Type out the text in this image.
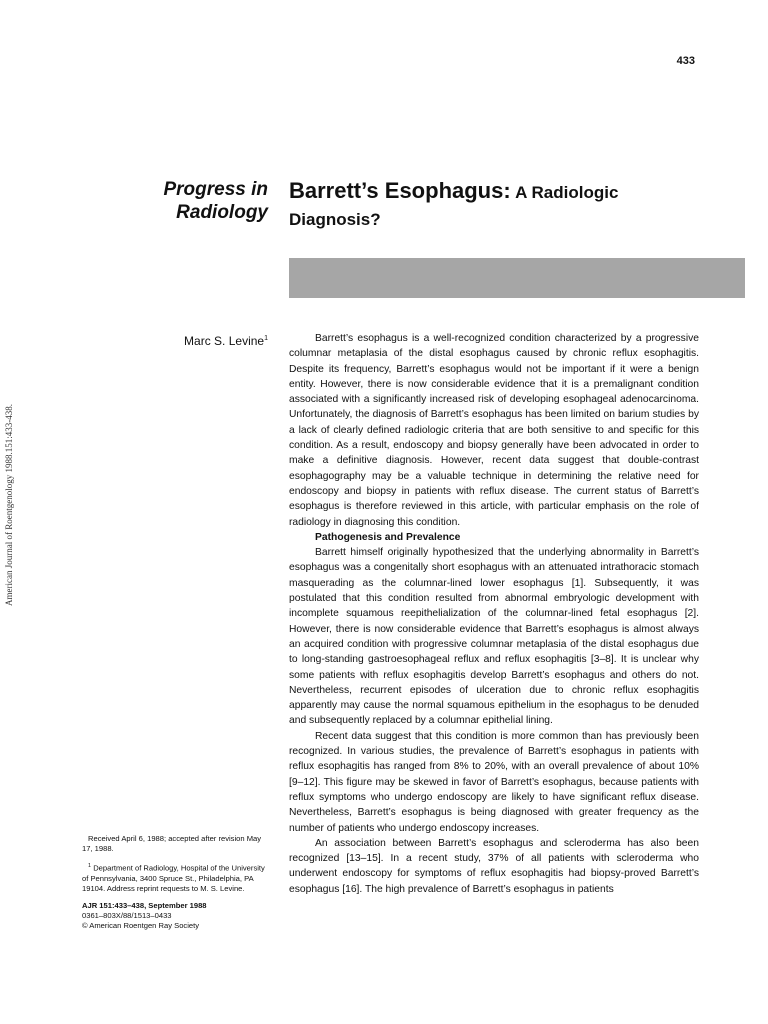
433
American Journal of Roentgenology 1988.151:433-438.
Progress in
Radiology
Barrett’s Esophagus: A Radiologic
Diagnosis?
Marc S. Levine$^1$	Barrett’s esophagus is a well-recognized condition characterized by a progressive columnar metaplasia of the distal esophagus caused by chronic reflux esophagitis. Despite its frequency, Barrett’s esophagus would not be important if it were a benign entity. However, there is now considerable evidence that it is a premalignant condition associated with a significantly increased risk of developing esophageal adenocarcinoma. Unfortunately, the diagnosis of Barrett’s esophagus has been limited on barium studies by a lack of clearly defined radiologic criteria that are both sensitive to and specific for this condition. As a result, endoscopy and biopsy generally have been advocated in order to make a definitive diagnosis. However, recent data suggest that double-contrast esophagography may be a valuable technique in determining the relative need for endoscopy and biopsy in patients with reflux disease. The current status of Barrett’s esophagus is therefore reviewed in this article, with particular emphasis on the role of radiology in diagnosing this condition.

Pathogenesis and Prevalence

Barrett himself originally hypothesized that the underlying abnormality in Barrett’s esophagus was a congenitally short esophagus with an attenuated intrathoracic stomach masquerading as the columnar-lined lower esophagus [1]. Subsequently, it was postulated that this condition resulted from abnormal embryologic development with incomplete squamous reepithelialization of the columnar-lined fetal esophagus [2]. However, there is now considerable evidence that Barrett’s esophagus is almost always an acquired condition with progressive columnar metaplasia of the distal esophagus due to long-standing gastroesophageal reflux and reflux esophagitis [3–8]. It is unclear why some patients with reflux esophagitis develop Barrett’s esophagus and others do not. Nevertheless, recurrent episodes of ulceration due to chronic reflux esophagitis apparently may cause the normal squamous epithelium in the esophagus to be denuded and subsequently replaced by a columnar epithelial lining.

Recent data suggest that this condition is more common than has previously been recognized. In various studies, the prevalence of Barrett’s esophagus in patients with reflux esophagitis has ranged from 8% to 20%, with an overall prevalence of about 10% [9–12]. This figure may be skewed in favor of Barrett’s esophagus, because patients with reflux symptoms who undergo endoscopy are likely to have significant reflux disease. Nevertheless, Barrett’s esophagus is being diagnosed with greater frequency as the number of patients who undergo endoscopy increases.

An association between Barrett’s esophagus and scleroderma has also been recognized [13–15]. In a recent study, 37% of all patients with scleroderma who underwent endoscopy for symptoms of reflux esophagitis had biopsy-proved Barrett’s esophagus [16]. The high prevalence of Barrett’s esophagus in patients

Received April 6, 1988; accepted after revision May 17, 1988.

$^1$ Department of Radiology, Hospital of the University of Pennsylvania, 3400 Spruce St., Philadelphia, PA 19104. Address reprint requests to M. S. Levine.

AJR 151:433–438, September 1988

0361–803X/88/1513–0433

© American Roentgen Ray Society
